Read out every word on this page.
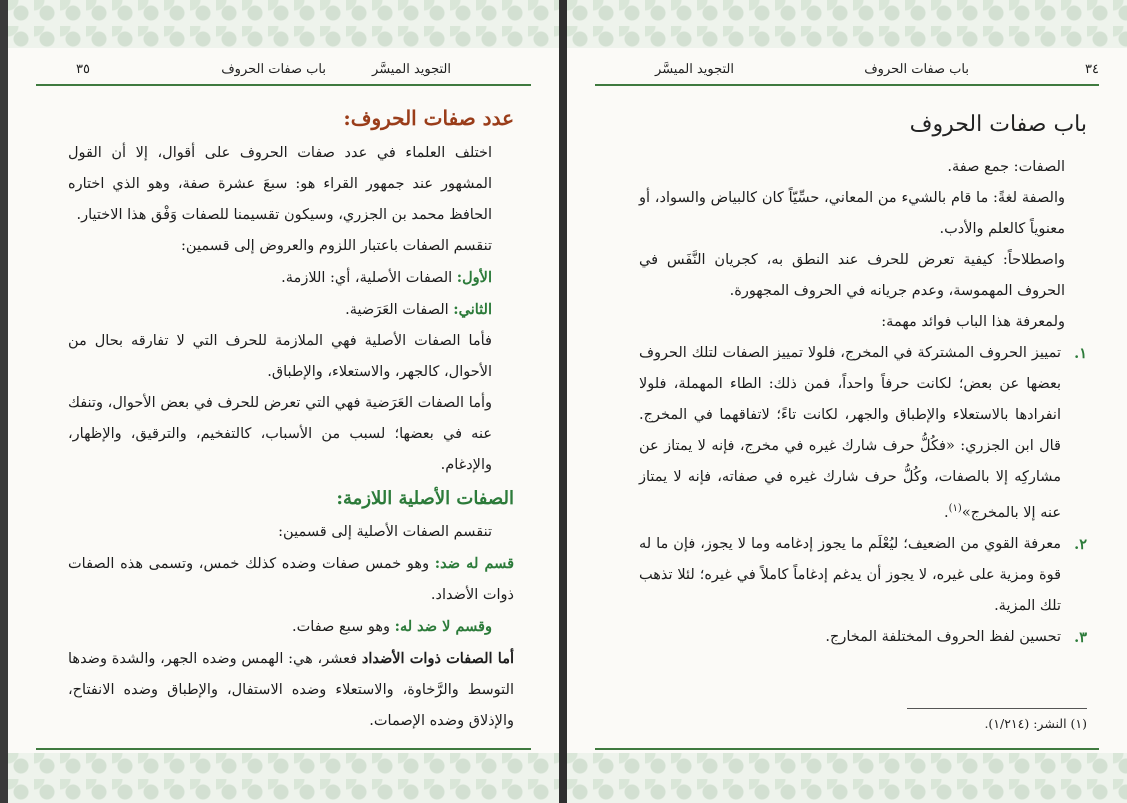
التجويد الميسَّر
باب صفات الحروف
٣٥

عدد صفات الحروف:

اختلف العلماء في عدد صفات الحروف على أقوال، إلا أن القول المشهور عند جمهور القراء هو: سبعَ عشرة صفة، وهو الذي اختاره الحافظ محمد بن الجزري، وسيكون تقسيمنا للصفات وَفْق هذا الاختيار.

تنقسم الصفات باعتبار اللزوم والعروض إلى قسمين:

الأول: الصفات الأصلية، أي: اللازمة.

الثاني: الصفات العَرَضية.

فأما الصفات الأصلية فهي الملازمة للحرف التي لا تفارقه بحال من الأحوال، كالجهر، والاستعلاء، والإطباق.

وأما الصفات العَرَضية فهي التي تعرض للحرف في بعض الأحوال، وتنفك عنه في بعضها؛ لسبب من الأسباب، كالتفخيم، والترقيق، والإظهار، والإدغام.

الصفات الأصلية اللازمة:

تنقسم الصفات الأصلية إلى قسمين:

قسم له ضد: وهو خمس صفات وضده كذلك خمس، وتسمى هذه الصفات ذوات الأضداد.

وقسم لا ضد له: وهو سبع صفات.

أما الصفات ذوات الأضداد فعشر، هي: الهمس وضده الجهر، والشدة وضدها التوسط والرَّخاوة، والاستعلاء وضده الاستفال، والإطباق وضده الانفتاح، والإذلاق وضده الإصمات.

٣٤
باب صفات الحروف
التجويد الميسَّر

باب صفات الحروف

الصفات: جمع صفة.

والصفة لغةً: ما قام بالشيء من المعاني، حسِّيّاً كان كالبياض والسواد، أو معنوياً كالعلم والأدب.

واصطلاحاً: كيفية تعرض للحرف عند النطق به، كجريان النَّفَس في الحروف المهموسة، وعدم جريانه في الحروف المجهورة.

ولمعرفة هذا الباب فوائد مهمة:

١.
تمييز الحروف المشتركة في المخرج، فلولا تمييز الصفات لتلك الحروف بعضها عن بعض؛ لكانت حرفاً واحداً، فمن ذلك: الطاء المهملة، فلولا انفرادها بالاستعلاء والإطباق والجهر، لكانت تاءً؛ لاتفاقهما في المخرج. قال ابن الجزري: «فكُلُّ حرف شارك غيره في مخرج، فإنه لا يمتاز عن مشاركِه إلا بالصفات، وكُلُّ حرف شارك غيره في صفاته، فإنه لا يمتاز عنه إلا بالمخرج»$^{(١)}$.
٢.
معرفة القوي من الضعيف؛ ليُعْلَم ما يجوز إدغامه وما لا يجوز، فإن ما له قوة ومزية على غيره، لا يجوز أن يدغم إدغاماً كاملاً في غيره؛ لئلا تذهب تلك المزية.
٣.
تحسين لفظ الحروف المختلفة المخارج.
(١) النشر: (١/٢١٤).
